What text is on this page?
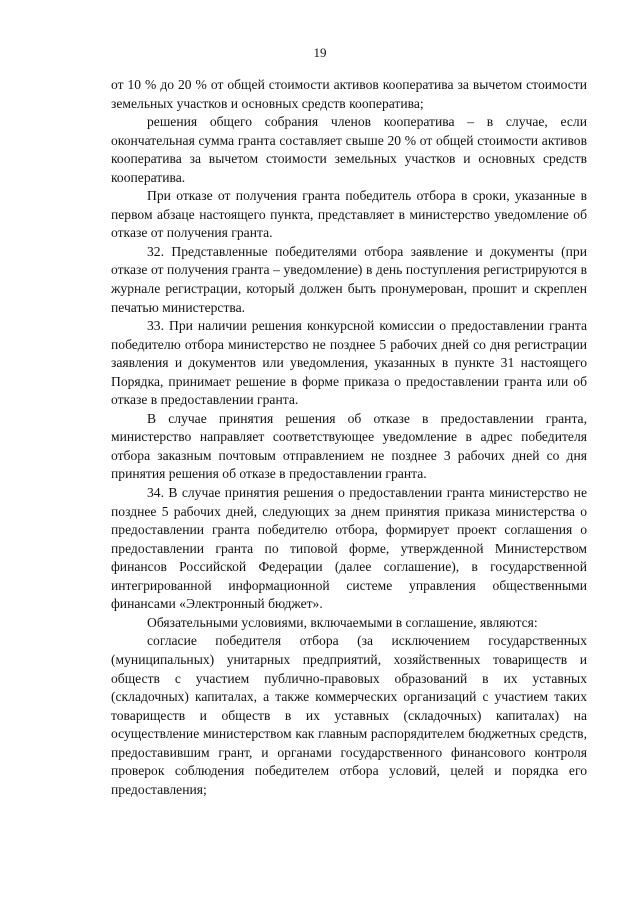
19

от 10 % до 20 % от общей стоимости активов кооператива за вычетом стоимости земельных участков и основных средств кооператива;

решения общего собрания членов кооператива – в случае, если окончательная сумма гранта составляет свыше 20 % от общей стоимости активов кооператива за вычетом стоимости земельных участков и основных средств кооператива.

При отказе от получения гранта победитель отбора в сроки, указанные в первом абзаце настоящего пункта, представляет в министерство уведомление об отказе от получения гранта.

32. Представленные победителями отбора заявление и документы (при отказе от получения гранта – уведомление) в день поступления регистрируются в журнале регистрации, который должен быть пронумерован, прошит и скреплен печатью министерства.

33. При наличии решения конкурсной комиссии о предоставлении гранта победителю отбора министерство не позднее 5 рабочих дней со дня регистрации заявления и документов или уведомления, указанных в пункте 31 настоящего Порядка, принимает решение в форме приказа о предоставлении гранта или об отказе в предоставлении гранта.

В случае принятия решения об отказе в предоставлении гранта, министерство направляет соответствующее уведомление в адрес победителя отбора заказным почтовым отправлением не позднее 3 рабочих дней со дня принятия решения об отказе в предоставлении гранта.

34. В случае принятия решения о предоставлении гранта министерство не позднее 5 рабочих дней, следующих за днем принятия приказа министерства о предоставлении гранта победителю отбора, формирует проект соглашения о предоставлении гранта по типовой форме, утвержденной Министерством финансов Российской Федерации (далее соглашение), в государственной интегрированной информационной системе управления общественными финансами «Электронный бюджет».

Обязательными условиями, включаемыми в соглашение, являются:

согласие победителя отбора (за исключением государственных (муниципальных) унитарных предприятий, хозяйственных товариществ и обществ с участием публично-правовых образований в их уставных (складочных) капиталах, а также коммерческих организаций с участием таких товариществ и обществ в их уставных (складочных) капиталах) на осуществление министерством как главным распорядителем бюджетных средств, предоставившим грант, и органами государственного финансового контроля проверок соблюдения победителем отбора условий, целей и порядка его предоставления;
